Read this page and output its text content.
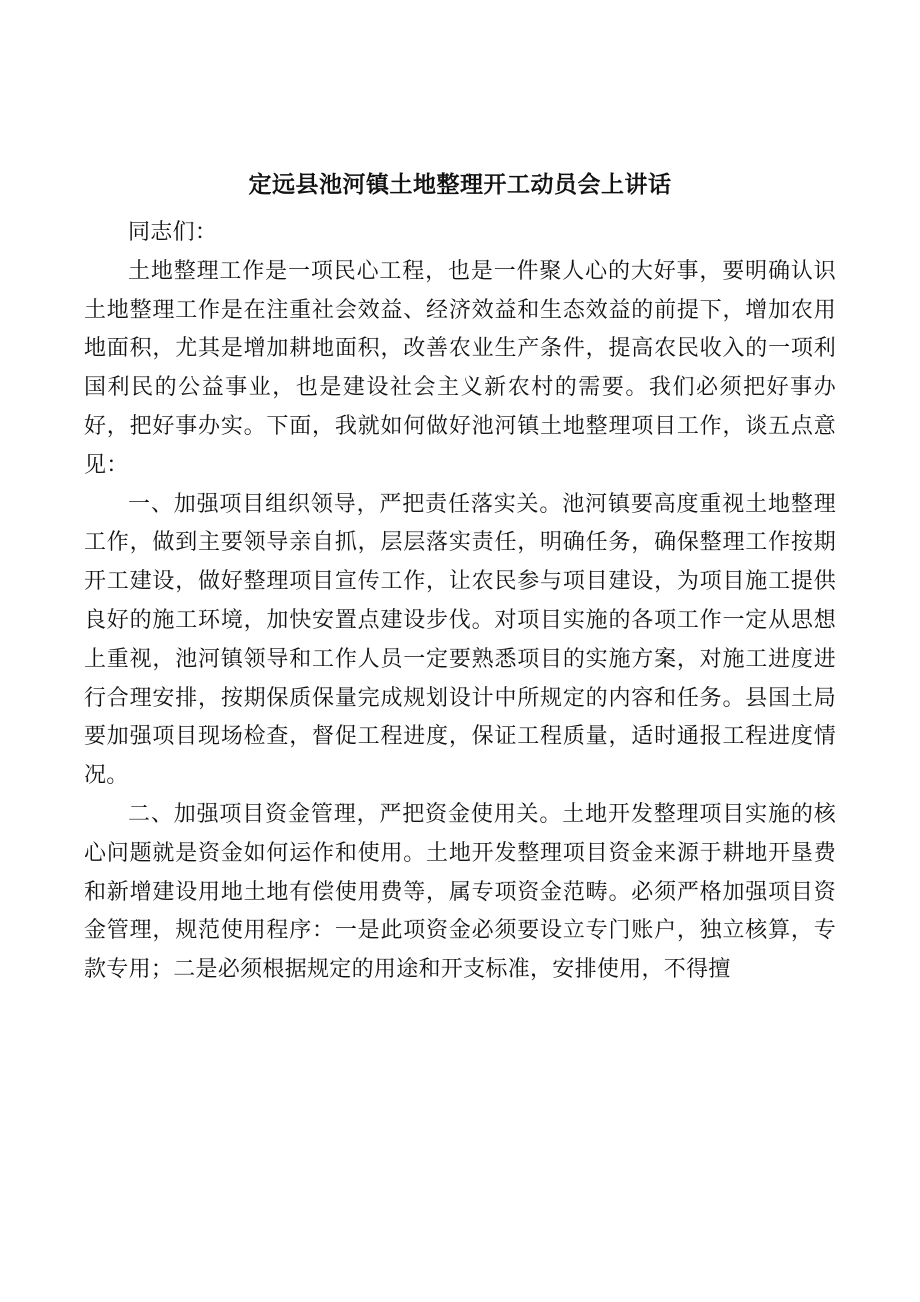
定远县池河镇土地整理开工动员会上讲话

同志们：

土地整理工作是一项民心工程，也是一件聚人心的大好事，要明确认识土地整理工作是在注重社会效益、经济效益和生态效益的前提下，增加农用地面积，尤其是增加耕地面积，改善农业生产条件，提高农民收入的一项利国利民的公益事业，也是建设社会主义新农村的需要。我们必须把好事办好，把好事办实。下面，我就如何做好池河镇土地整理项目工作，谈五点意见：

一、加强项目组织领导，严把责任落实关。池河镇要高度重视土地整理工作，做到主要领导亲自抓，层层落实责任，明确任务，确保整理工作按期开工建设，做好整理项目宣传工作，让农民参与项目建设，为项目施工提供良好的施工环境，加快安置点建设步伐。对项目实施的各项工作一定从思想上重视，池河镇领导和工作人员一定要熟悉项目的实施方案，对施工进度进行合理安排，按期保质保量完成规划设计中所规定的内容和任务。县国土局要加强项目现场检查，督促工程进度，保证工程质量，适时通报工程进度情况。

二、加强项目资金管理，严把资金使用关。土地开发整理项目实施的核心问题就是资金如何运作和使用。土地开发整理项目资金来源于耕地开垦费和新增建设用地土地有偿使用费等，属专项资金范畴。必须严格加强项目资金管理，规范使用程序：一是此项资金必须要设立专门账户，独立核算，专款专用；二是必须根据规定的用途和开支标准，安排使用，不得擅
